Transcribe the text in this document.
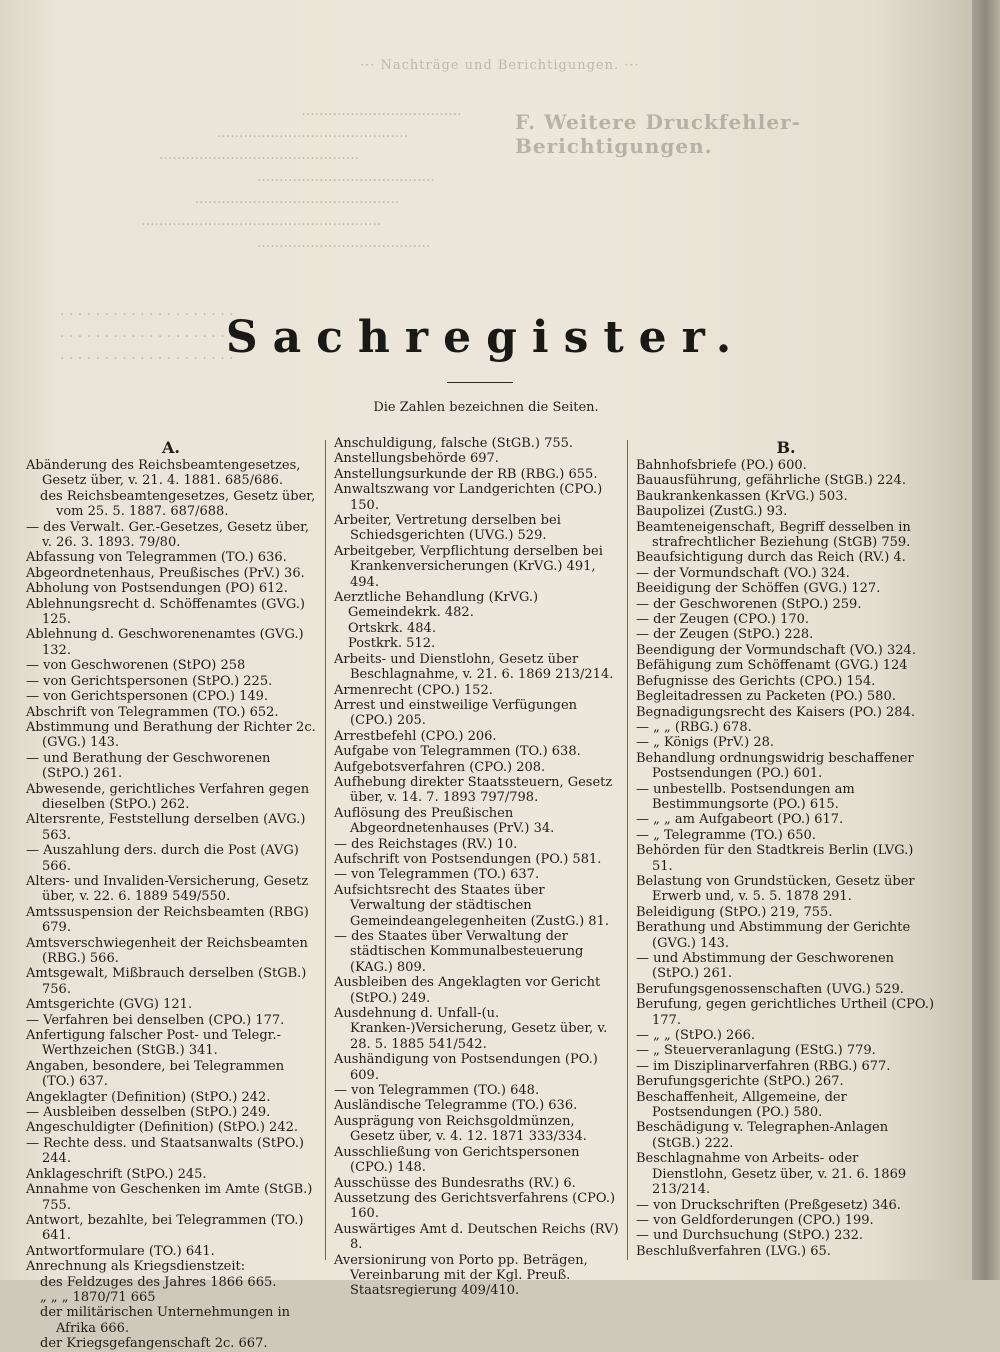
··· Nachträge und Berichtigungen. ···
F. Weitere Druckfehler-Berichtigungen.
....................................
...........................................
.............................................
........................................
..............................................
......................................................
.......................................

. . . . . . . . . . . . . . . . . . . .
. . . . . . . . . . . . . . . . . . . . .
. . . . . . . . . . . . . . . . . . . .
Sachregister.
Die Zahlen bezeichnen die Seiten.
A.

Abänderung des Reichsbeamtengesetzes, Gesetz über, v. 21. 4. 1881. 685/686.

des Reichsbeamtengesetzes, Gesetz über, vom 25. 5. 1887. 687/688.

— des Verwalt. Ger.-Gesetzes, Gesetz über, v. 26. 3. 1893. 79/80.

Abfassung von Telegrammen (TO.) 636.

Abgeordnetenhaus, Preußisches (PrV.) 36.

Abholung von Postsendungen (PO) 612.

Ablehnungsrecht d. Schöffenamtes (GVG.) 125.

Ablehnung d. Geschworenenamtes (GVG.) 132.

— von Geschworenen (StPO) 258

— von Gerichtspersonen (StPO.) 225.

— von Gerichtspersonen (CPO.) 149.

Abschrift von Telegrammen (TO.) 652.

Abstimmung und Berathung der Richter 2c. (GVG.) 143.

— und Berathung der Geschworenen (StPO.) 261.

Abwesende, gerichtliches Verfahren gegen dieselben (StPO.) 262.

Altersrente, Feststellung derselben (AVG.) 563.

— Auszahlung ders. durch die Post (AVG) 566.

Alters- und Invaliden-Versicherung, Gesetz über, v. 22. 6. 1889 549/550.

Amtssuspension der Reichsbeamten (RBG) 679.

Amtsverschwiegenheit der Reichsbeamten (RBG.) 566.

Amtsgewalt, Mißbrauch derselben (StGB.) 756.

Amtsgerichte (GVG) 121.

— Verfahren bei denselben (CPO.) 177.

Anfertigung falscher Post- und Telegr.-Werthzeichen (StGB.) 341.

Angaben, besondere, bei Telegrammen (TO.) 637.

Angeklagter (Definition) (StPO.) 242.

— Ausbleiben desselben (StPO.) 249.

Angeschuldigter (Definition) (StPO.) 242.

— Rechte dess. und Staatsanwalts (StPO.) 244.

Anklageschrift (StPO.) 245.

Annahme von Geschenken im Amte (StGB.) 755.

Antwort, bezahlte, bei Telegrammen (TO.) 641.

Antwortformulare (TO.) 641.

Anrechnung als Kriegsdienstzeit:

des Feldzuges des Jahres 1866 665.

„ „ „ 1870/71 665

der militärischen Unternehmungen in Afrika 666.

der Kriegsgefangenschaft 2c. 667.

Anschuldigung, falsche (StGB.) 755.

Anstellungsbehörde 697.

Anstellungsurkunde der RB (RBG.) 655.

Anwaltszwang vor Landgerichten (CPO.) 150.

Arbeiter, Vertretung derselben bei Schiedsgerichten (UVG.) 529.

Arbeitgeber, Verpflichtung derselben bei Krankenversicherungen (KrVG.) 491, 494.

Aerztliche Behandlung (KrVG.)

Gemeindekrk. 482.

Ortskrk. 484.

Postkrk. 512.

Arbeits- und Dienstlohn, Gesetz über Beschlagnahme, v. 21. 6. 1869 213/214.

Armenrecht (CPO.) 152.

Arrest und einstweilige Verfügungen (CPO.) 205.

Arrestbefehl (CPO.) 206.

Aufgabe von Telegrammen (TO.) 638.

Aufgebotsverfahren (CPO.) 208.

Aufhebung direkter Staatssteuern, Gesetz über, v. 14. 7. 1893 797/798.

Auflösung des Preußischen Abgeordnetenhauses (PrV.) 34.

— des Reichstages (RV.) 10.

Aufschrift von Postsendungen (PO.) 581.

— von Telegrammen (TO.) 637.

Aufsichtsrecht des Staates über Verwaltung der städtischen Gemeindeangelegenheiten (ZustG.) 81.

— des Staates über Verwaltung der städtischen Kommunalbesteuerung (KAG.) 809.

Ausbleiben des Angeklagten vor Gericht (StPO.) 249.

Ausdehnung d. Unfall-(u. Kranken-)Versicherung, Gesetz über, v. 28. 5. 1885 541/542.

Aushändigung von Postsendungen (PO.) 609.

— von Telegrammen (TO.) 648.

Ausländische Telegramme (TO.) 636.

Ausprägung von Reichsgoldmünzen, Gesetz über, v. 4. 12. 1871 333/334.

Ausschließung von Gerichtspersonen (CPO.) 148.

Ausschüsse des Bundesraths (RV.) 6.

Aussetzung des Gerichtsverfahrens (CPO.) 160.

Auswärtiges Amt d. Deutschen Reichs (RV) 8.

Aversionirung von Porto pp. Beträgen, Vereinbarung mit der Kgl. Preuß. Staatsregierung 409/410.

B.

Bahnhofsbriefe (PO.) 600.

Bauausführung, gefährliche (StGB.) 224.

Baukrankenkassen (KrVG.) 503.

Baupolizei (ZustG.) 93.

Beamteneigenschaft, Begriff desselben in strafrechtlicher Beziehung (StGB) 759.

Beaufsichtigung durch das Reich (RV.) 4.

— der Vormundschaft (VO.) 324.

Beeidigung der Schöffen (GVG.) 127.

— der Geschworenen (StPO.) 259.

— der Zeugen (CPO.) 170.

— der Zeugen (StPO.) 228.

Beendigung der Vormundschaft (VO.) 324.

Befähigung zum Schöffenamt (GVG.) 124

Befugnisse des Gerichts (CPO.) 154.

Begleitadressen zu Packeten (PO.) 580.

Begnadigungsrecht des Kaisers (PO.) 284.

— „ „ (RBG.) 678.

— „ Königs (PrV.) 28.

Behandlung ordnungswidrig beschaffener Postsendungen (PO.) 601.

— unbestellb. Postsendungen am Bestimmungsorte (PO.) 615.

— „ „ am Aufgabeort (PO.) 617.

— „ Telegramme (TO.) 650.

Behörden für den Stadtkreis Berlin (LVG.) 51.

Belastung von Grundstücken, Gesetz über Erwerb und, v. 5. 5. 1878 291.

Beleidigung (StPO.) 219, 755.

Berathung und Abstimmung der Gerichte (GVG.) 143.

— und Abstimmung der Geschworenen (StPO.) 261.

Berufungsgenossenschaften (UVG.) 529.

Berufung, gegen gerichtliches Urtheil (CPO.) 177.

— „ „ (StPO.) 266.

— „ Steuerveranlagung (EStG.) 779.

— im Disziplinarverfahren (RBG.) 677.

Berufungsgerichte (StPO.) 267.

Beschaffenheit, Allgemeine, der Postsendungen (PO.) 580.

Beschädigung v. Telegraphen-Anlagen (StGB.) 222.

Beschlagnahme von Arbeits- oder Dienstlohn, Gesetz über, v. 21. 6. 1869 213/214.

— von Druckschriften (Preßgesetz) 346.

— von Geldforderungen (CPO.) 199.

— und Durchsuchung (StPO.) 232.

Beschlußverfahren (LVG.) 65.
